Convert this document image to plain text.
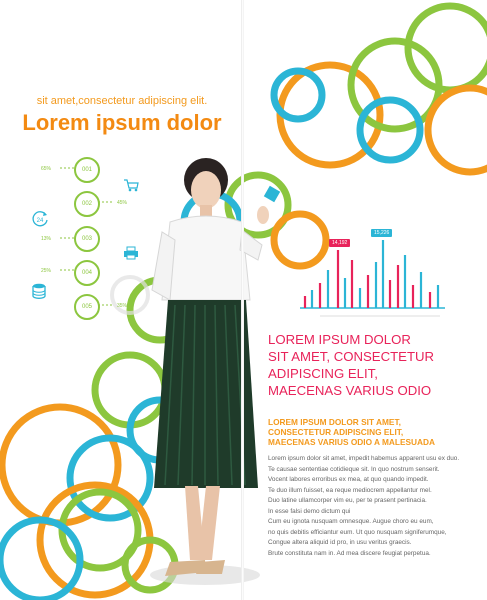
sit amet,consectetur adipiscing elit.
Lorem ipsum dolor
001
002
003
004
005
65%
45%
13%
25%
35%
24
14,192
15,226
LOREM IPSUM DOLOR
SIT AMET, CONSECTETUR
ADIPISCING ELIT,
MAECENAS VARIUS ODIO
LOREM IPSUM DOLOR SIT AMET,
CONSECTETUR ADIPISCING ELIT,
MAECENAS VARIUS ODIO A MALESUADA
Lorem ipsum dolor sit amet, impedit habemus apparent usu ex duo.
Te causae sententiae cotidieque sit. In quo nostrum senserit.
Vocent labores erroribus ex mea, at quo quando impedit.
Te duo illum fuisset, ea reque mediocrem appellantur mel.
Duo latine ullamcorper vim eu, per te prasent pertinacia.
In esse falsi demo dictum qui
Cum eu ignota nusquam omnesque. Augue choro eu eum,
no quis debitis efficiantur eum. Ut quo nusquam signiferumque,
Congue altera aliquid id pro, in usu veritus graecis.
Brute constituta nam in. Ad mea discere feugiat perpetua.
